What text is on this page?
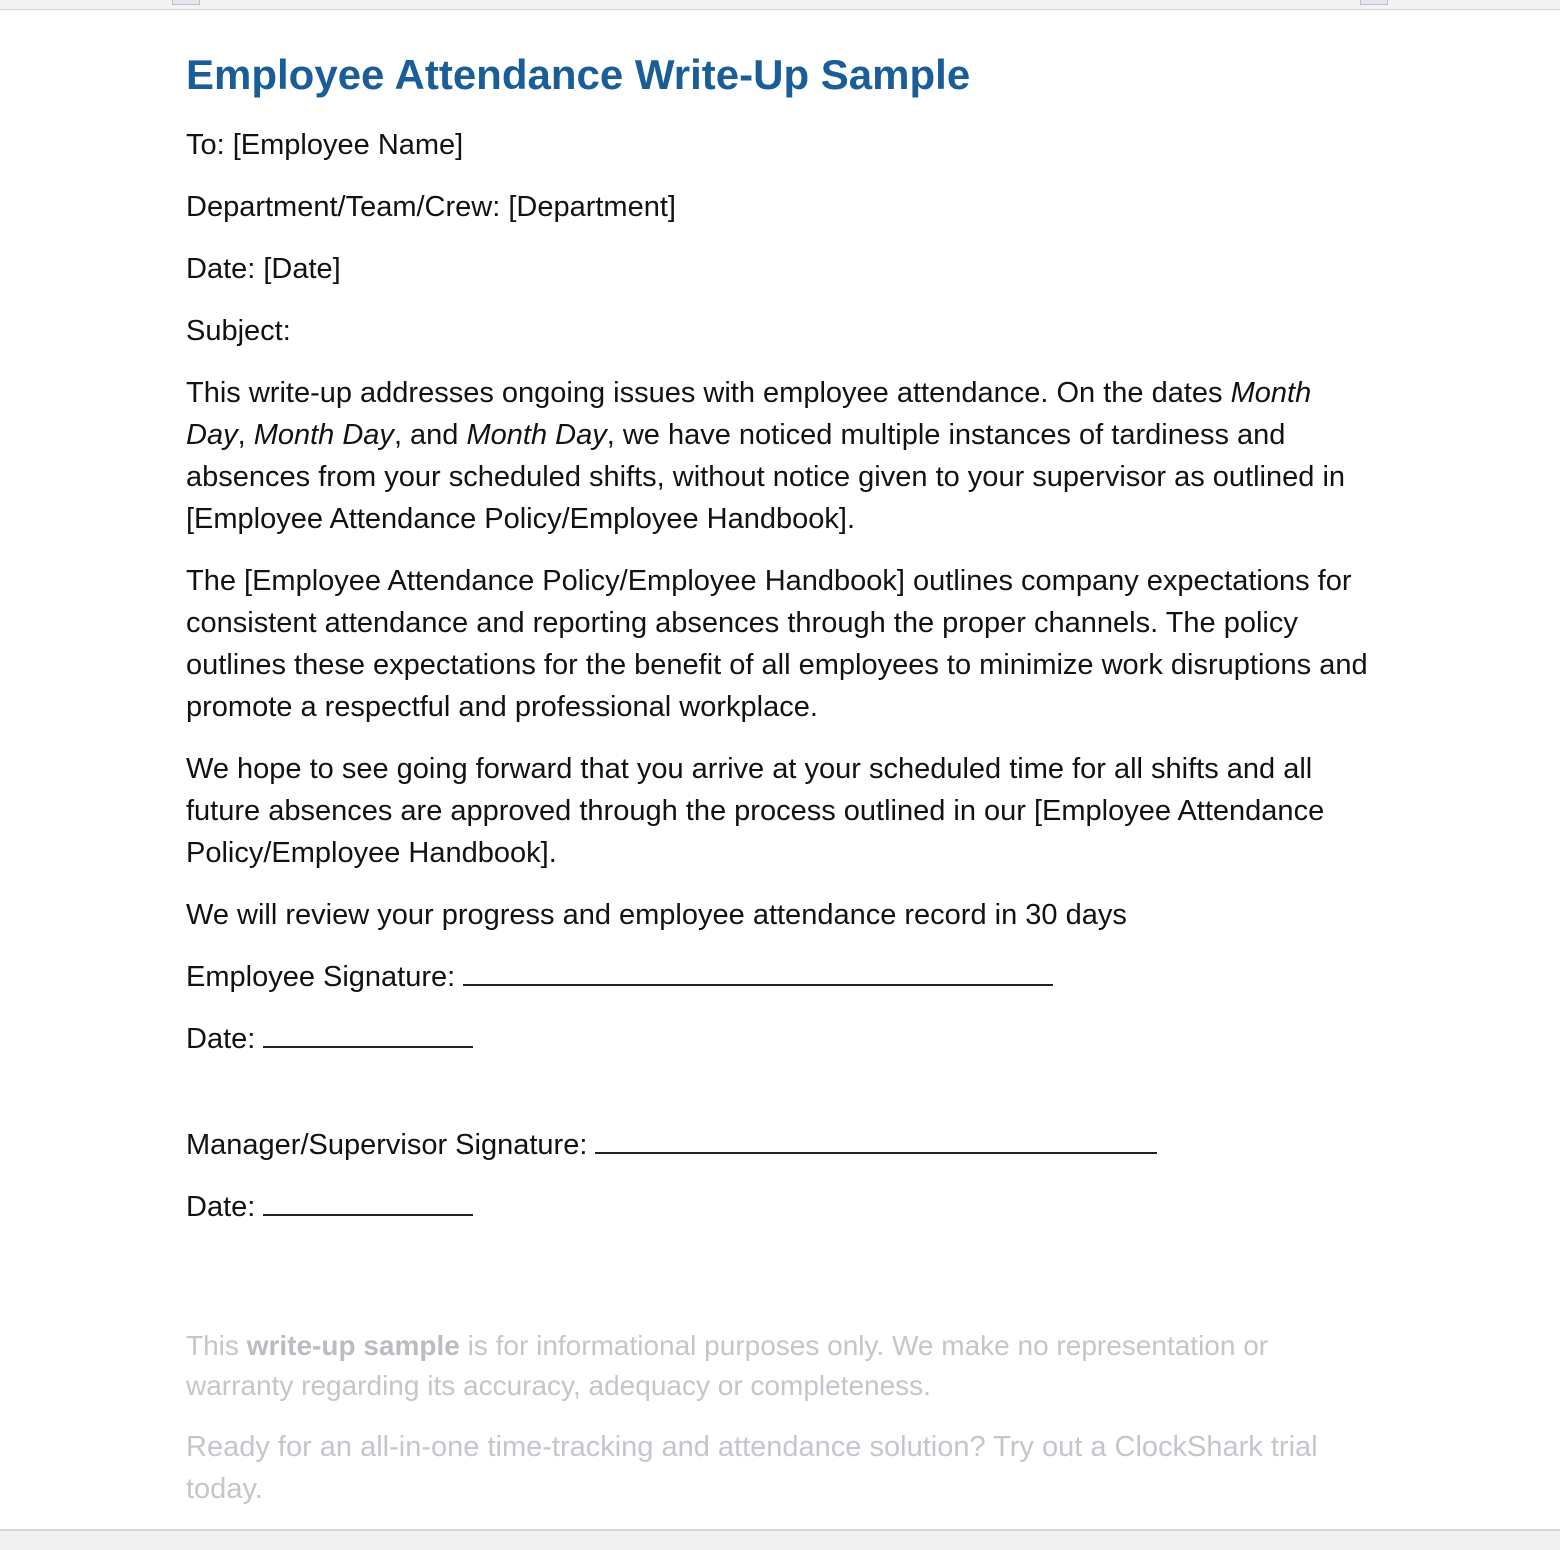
Employee Attendance Write-Up Sample

To: [Employee Name]

Department/Team/Crew: [Department]

Date: [Date]

Subject:

This write-up addresses ongoing issues with employee attendance. On the dates Month Day, Month Day, and Month Day, we have noticed multiple instances of tardiness and absences from your scheduled shifts, without notice given to your supervisor as outlined in [Employee Attendance Policy/Employee Handbook].

The [Employee Attendance Policy/Employee Handbook] outlines company expectations for consistent attendance and reporting absences through the proper channels. The policy outlines these expectations for the benefit of all employees to minimize work disruptions and promote a respectful and professional workplace.

We hope to see going forward that you arrive at your scheduled time for all shifts and all future absences are approved through the process outlined in our [Employee Attendance Policy/Employee Handbook].

We will review your progress and employee attendance record in 30 days

Employee Signature:

Date:

Manager/Supervisor Signature:

Date:

This write-up sample is for informational purposes only. We make no representation or warranty regarding its accuracy, adequacy or completeness.

Ready for an all-in-one time-tracking and attendance solution? Try out a ClockShark trial today.
